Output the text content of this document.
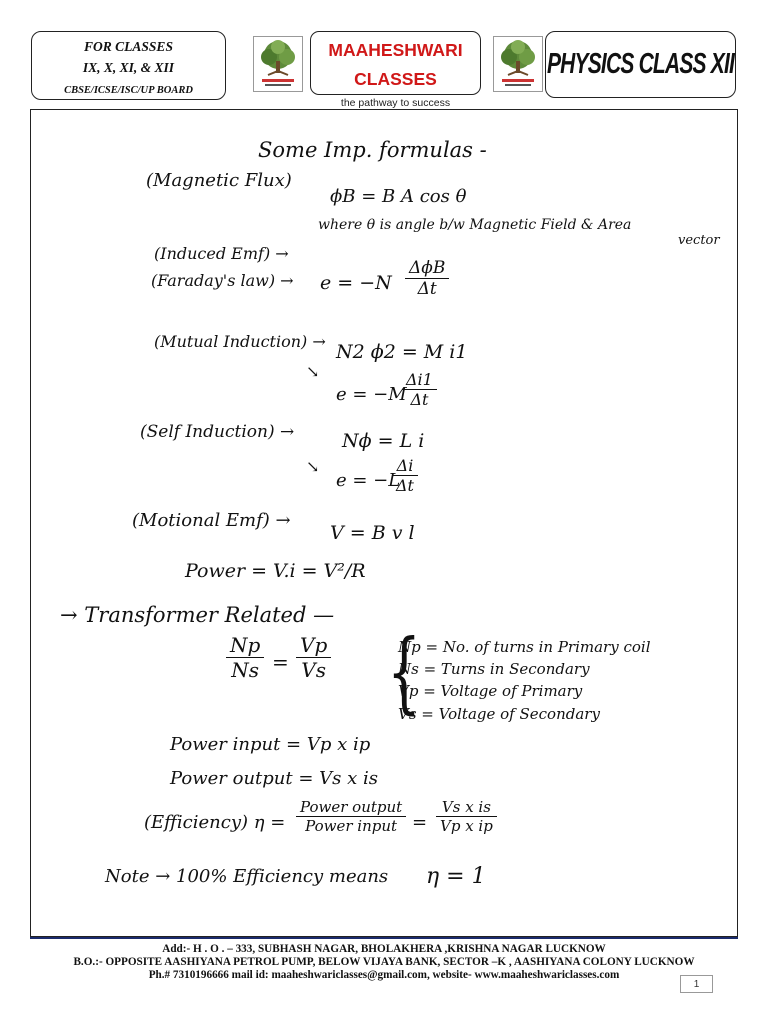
FOR CLASSES
IX, X, XI, & XII
CBSE/ICSE/ISC/UP BOARD
MAAHESHWARI
CLASSES
the pathway to success
PHYSICS CLASS XII
Some Imp. formulas -
(Magnetic Flux)
ϕB = B A cos θ
where θ is angle b/w Magnetic Field & Area
vector
(Induced Emf) →
(Faraday's law) → e = −N
ΔϕB
Δt
(Mutual Induction) → N2 ϕ2 = M i1
↘
e = −M
$\frac{\Delta i1}{\Delta t}$
(Self Induction) →	Nϕ = L i
↘
e = −L
$\frac{\Delta i}{\Delta t}$
(Motional Emf) →
V = B v l
Power = V.i = V²/R
→ Transformer Related —
$\frac{Np}{Ns} = \frac{Vp}{Vs}$ {
Np = No. of turns in Primary coil
Ns = Turns in Secondary
Vp = Voltage of Primary
Vs = Voltage of Secondary
Power input = Vp x ip
Power output = Vs x is
(Efficiency) η =
Power output
Power input = $\frac{\text{Vs x is}}{\text{Vp x ip}}$
Note → 100% Efficiency means η = 1
Add:- H . O . – 333, SUBHASH NAGAR, BHOLAKHERA ,KRISHNA NAGAR LUCKNOW
B.O.:- OPPOSITE AASHIYANA PETROL PUMP, BELOW VIJAYA BANK, SECTOR –K , AASHIYANA COLONY LUCKNOW
Ph.# 7310196666 mail id: maaheshwariclasses@gmail.com, website- www.maaheshwariclasses.com
1
